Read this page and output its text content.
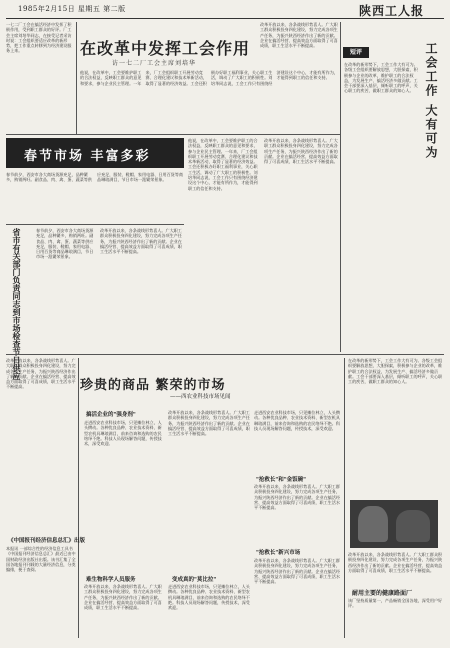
1985年2月15日 星期五 第二版	陕西工人报
一七二厂工会在搞活经济中发挥了积极作用，受到职工群众的好评。厂工会主席刘培华同志，在接受记者采访时说：工会组织要适应改革的新形势，把工作重点转移到为经济建设服务上来。	在改革中发挥工会作用
访一七二厂工会主席刘培华
他说，在改革中，工会要维护职工的合法权益，反映职工群众的意见和要求，参与企业民主管理。一年来，厂工会组织职工开展劳动竞赛、合理化建议和技术革新活动，取得了显著的经济效益。工会还积极办好职工福利事业，关心职工生活，调动了广大职工的积极性。刘培华同志说，工会工作只有围绕经济建设这个中心，才能有所作为，才能得到职工的信任和支持。
改革开放以来，各条战线形势喜人。广大职工群众积极投身四化建设，努力完成各项生产任务，为振兴陕西经济作出了新的贡献。企业在搞活经营、提高效益方面取得了可喜成绩，职工生活水平不断提高。
春节市场 丰富多彩
春节前夕，西安市各大商场货源充足，品种繁多，购销两旺。副食品、肉、禽、蛋、蔬菜等供应充足，服装、鞋帽、家用电器、日用百货等商品琳琅满目，节日市场一派繁荣景象。
省市有关部门负责同志到市场检查节日供应	春节前夕，西安市各大商场货源充足，品种繁多，购销两旺。副食品、肉、禽、蛋、蔬菜等供应充足，服装、鞋帽、家用电器、日用百货等商品琳琅满目，节日市场一派繁荣景象。
改革开放以来，各条战线形势喜人。广大职工群众积极投身四化建设，努力完成各项生产任务，为振兴陕西经济作出了新的贡献。企业在搞活经营、提高效益方面取得了可喜成绩，职工生活水平不断提高。
他说，在改革中，工会要维护职工的合法权益，反映职工群众的意见和要求，参与企业民主管理。一年来，厂工会组织职工开展劳动竞赛、合理化建议和技术革新活动，取得了显著的经济效益。工会还积极办好职工福利事业，关心职工生活，调动了广大职工的积极性。刘培华同志说，工会工作只有围绕经济建设这个中心，才能有所作为，才能得到职工的信任和支持。
改革开放以来，各条战线形势喜人。广大职工群众积极投身四化建设，努力完成各项生产任务，为振兴陕西经济作出了新的贡献。企业在搞活经营、提高效益方面取得了可喜成绩，职工生活水平不断提高。
短评	工会工作 大有可为
在改革的新形势下，工会工作大有可为。各级工会组织要解放思想，大胆探索，积极参与企业的改革，维护职工的合法权益，为发展生产、搞活经济多做贡献。工会干部要深入基层，倾听职工的呼声，关心职工的疾苦，做职工群众的知心人。
改革开放以来，各条战线形势喜人。广大职工群众积极投身四化建设，努力完成各项生产任务，为振兴陕西经济作出了新的贡献。企业在搞活经营、提高效益方面取得了可喜成绩，职工生活水平不断提高。
《中国报刊经济信息总汇》出版
本报讯 一部综合性的经济信息工具书《中国报刊经济信息总汇》最近已由中国财政经济出版社出版。该书汇集了全国各地报刊刊载的大量经济信息，分类编排，便于查阅。
珍贵的商品 繁荣的市场
——西农业科技市场见闻
搞活企业的"强身剂"
走进西安农业科技市场，只见摊位林立，人头攒动。各种优良品种、农业技术资料、新型农机具琳琅满目，前来咨询和选购的农民络绎不绝。科技人员现场解答问题，传授技术，深受欢迎。
改革开放以来，各条战线形势喜人。广大职工群众积极投身四化建设，努力完成各项生产任务，为振兴陕西经济作出了新的贡献。企业在搞活经营、提高效益方面取得了可喜成绩，职工生活水平不断提高。
走进西安农业科技市场，只见摊位林立，人头攒动。各种优良品种、农业技术资料、新型农机具琳琅满目，前来咨询和选购的农民络绎不绝。科技人员现场解答问题，传授技术，深受欢迎。
"抢救长"和"金饭碗"
改革开放以来，各条战线形势喜人。广大职工群众积极投身四化建设，努力完成各项生产任务，为振兴陕西经济作出了新的贡献。企业在搞活经营、提高效益方面取得了可喜成绩，职工生活水平不断提高。
变成真的"莫比拉"
走进西安农业科技市场，只见摊位林立，人头攒动。各种优良品种、农业技术资料、新型农机具琳琅满目，前来咨询和选购的农民络绎不绝。科技人员现场解答问题，传授技术，深受欢迎。
"抢救长"新兴市场
改革开放以来，各条战线形势喜人。广大职工群众积极投身四化建设，努力完成各项生产任务，为振兴陕西经济作出了新的贡献。企业在搞活经营、提高效益方面取得了可喜成绩，职工生活水平不断提高。
难生物科学人员服务
改革开放以来，各条战线形势喜人。广大职工群众积极投身四化建设，努力完成各项生产任务，为振兴陕西经济作出了新的贡献。企业在搞活经营、提高效益方面取得了可喜成绩，职工生活水平不断提高。
在改革的新形势下，工会工作大有可为。各级工会组织要解放思想，大胆探索，积极参与企业的改革，维护职工的合法权益，为发展生产、搞活经济多做贡献。工会干部要深入基层，倾听职工的呼声，关心职工的疾苦，做职工群众的知心人。
改革开放以来，各条战线形势喜人。广大职工群众积极投身四化建设，努力完成各项生产任务，为振兴陕西经济作出了新的贡献。企业在搞活经营、提高效益方面取得了可喜成绩，职工生活水平不断提高。
耐用主要的健康路面厂
该厂坚持质量第一，产品畅销全国各地，深受用户好评。
